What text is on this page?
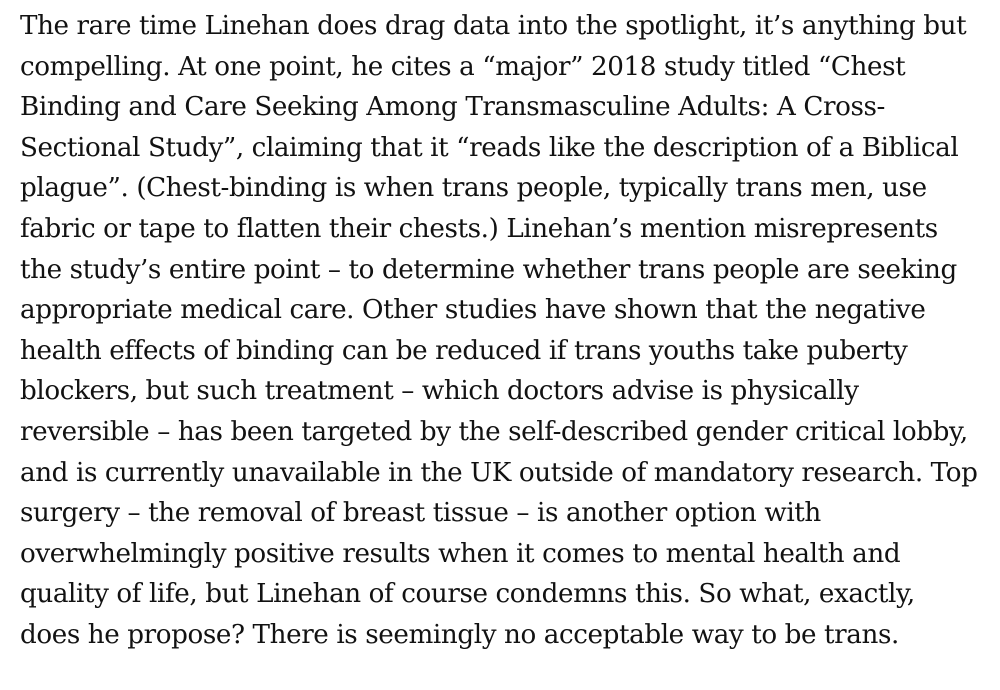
The rare time Linehan does drag data into the spotlight, it’s anything but
compelling. At one point, he cites a “major” 2018 study titled “Chest
Binding and Care Seeking Among Transmasculine Adults: A Cross-
Sectional Study”, claiming that it “reads like the description of a Biblical
plague”. (Chest-binding is when trans people, typically trans men, use
fabric or tape to flatten their chests.) Linehan’s mention misrepresents
the study’s entire point – to determine whether trans people are seeking
appropriate medical care. Other studies have shown that the negative
health effects of binding can be reduced if trans youths take puberty
blockers, but such treatment – which doctors advise is physically
reversible – has been targeted by the self-described gender critical lobby,
and is currently unavailable in the UK outside of mandatory research. Top
surgery – the removal of breast tissue – is another option with
overwhelmingly positive results when it comes to mental health and
quality of life, but Linehan of course condemns this. So what, exactly,
does he propose? There is seemingly no acceptable way to be trans.
